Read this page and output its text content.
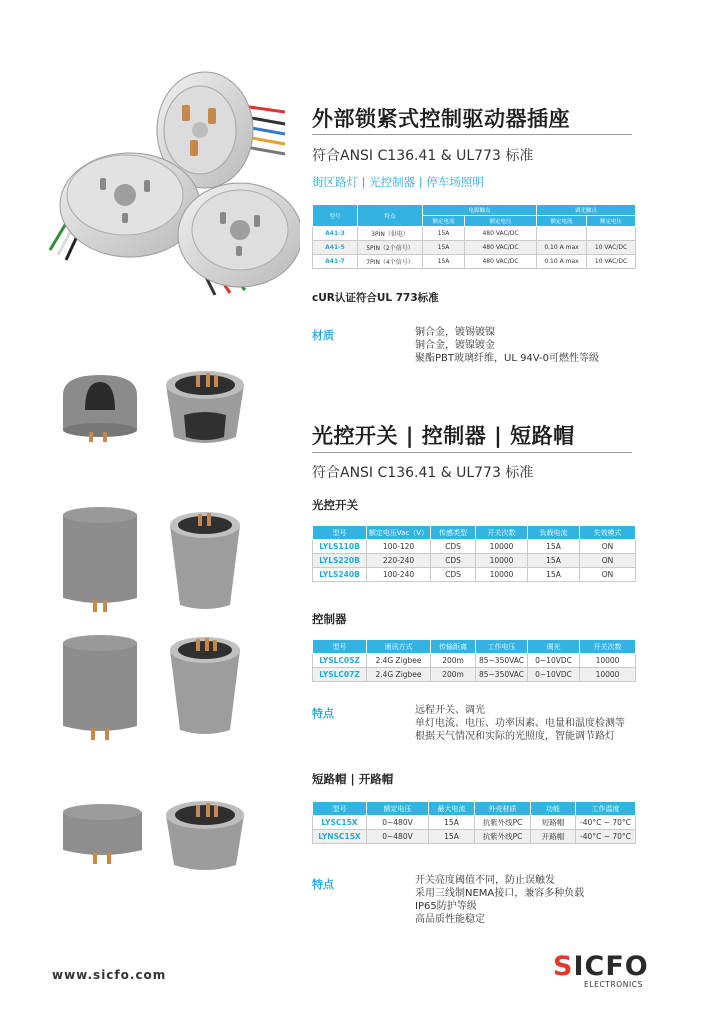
外部锁紧式控制驱动器插座
符合ANSI C136.41 & UL773 标准
街区路灯 | 光控制器 | 停车场照明
型号	特点	电源触点		调光触点	
		额定电流	额定电压	额定电流	额定电压
A41-3	3PIN（供电）	15A	480 VAC/DC		
A41-5	5PIN（2个信号）	15A	480 VAC/DC	0.10 A max	10 VAC/DC
A41-7	7PIN（4个信号）	15A	480 VAC/DC	0.10 A max	10 VAC/DC
cUR认证符合UL 773标准
材质	铜合金，镀锡镀镍
铜合金，镀镍镀金
聚酯PBT玻璃纤维，UL 94V-0可燃性等级
光控开关 | 控制器 | 短路帽
符合ANSI C136.41 & UL773 标准
光控开关
型号	额定电压Vac（V）	传感类型	开关次数	负载电流	失效模式
LYLS110B	100-120	CDS	10000	15A	ON
LYLS220B	220-240	CDS	10000	15A	ON
LYLS240B	100-240	CDS	10000	15A	ON
控制器
型号	通讯方式	传输距离	工作电压	调光	开关次数
LYSLC05Z	2.4G Zigbee	200m	85~350VAC	0~10VDC	10000
LYSLC07Z	2.4G Zigbee	200m	85~350VAC	0~10VDC	10000
特点	远程开关、调光
单灯电流、电压、功率因素、电量和温度检测等
根据天气情况和实际的光照度，智能调节路灯
短路帽 | 开路帽
型号	额定电压	最大电流	外壳材质	功能	工作温度
LYSC15X	0~480V	15A	抗紫外线PC	短路帽	-40°C ~ 70°C
LYNSC15X	0~480V	15A	抗紫外线PC	开路帽	-40°C ~ 70°C
特点	开关亮度阈值不同，防止误触发
采用三线制NEMA接口，兼容多种负载
IP65防护等级
高品质性能稳定
www.sicfo.com	SICFO
ELECTRONICS
